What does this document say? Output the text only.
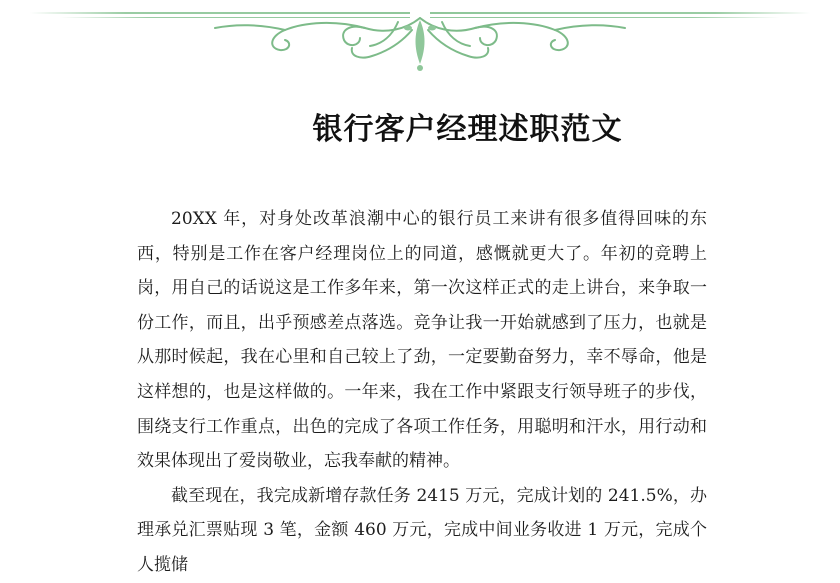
银行客户经理述职范文

20XX 年，对身处改革浪潮中心的银行员工来讲有很多值得回味的东西，特别是工作在客户经理岗位上的同道，感慨就更大了。年初的竞聘上岗，用自己的话说这是工作多年来，第一次这样正式的走上讲台，来争取一份工作，而且，出乎预感差点落选。竞争让我一开始就感到了压力，也就是从那时候起，我在心里和自己较上了劲，一定要勤奋努力，幸不辱命，他是这样想的，也是这样做的。一年来，我在工作中紧跟支行领导班子的步伐，围绕支行工作重点，出色的完成了各项工作任务，用聪明和汗水，用行动和效果体现出了爱岗敬业，忘我奉献的精神。

截至现在，我完成新增存款任务 2415 万元，完成计划的 241.5%，办理承兑汇票贴现 3 笔，金额 460 万元，完成中间业务收进 1 万元，完成个人揽储
